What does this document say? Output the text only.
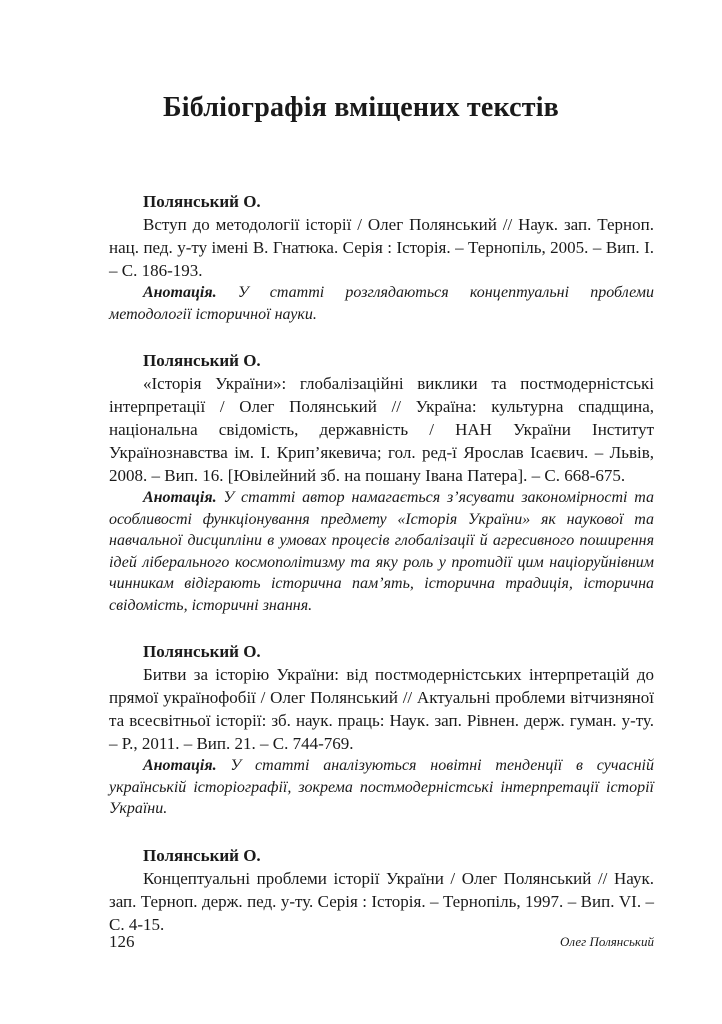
Бібліографія вміщених текстів
Полянський О.
Вступ до методології історії / Олег Полянський // Наук. зап. Терноп. нац. пед. у-ту імені В. Гнатюка. Серія : Історія. ‒ Тернопіль, 2005. ‒ Вип. I. ‒ С. 186-193.
Анотація. У статті розглядаються концептуальні проблеми методології історичної науки.
Полянський О.
«Історія України»: глобалізаційні виклики та постмодерністські інтерпретації / Олег Полянський // Україна: культурна спадщина, національна свідомість, державність / НАН України Інститут Українознавства ім. І. Крип’якевича; гол. ред-ї Ярослав Ісаєвич. ‒ Львів, 2008. ‒ Вип. 16. [Ювілейний зб. на пошану Івана Патера]. ‒ С. 668-675.
Анотація. У статті автор намагається з’ясувати закономірності та особливості функціонування предмету «Історія України» як наукової та навчальної дисципліни в умовах процесів глобалізації й агресивного поширення ідей ліберального космополітизму та яку роль у протидії цим націоруйнівним чинникам відіграють історична пам’ять, історична традиція, історична свідомість, історичні знання.
Полянський О.
Битви за історію України: від постмодерністських інтерпретацій до прямої українофобії / Олег Полянський // Актуальні проблеми вітчизняної та всесвітньої історії: зб. наук. праць: Наук. зап. Рівнен. держ. гуман. у-ту. ‒ Р., 2011. ‒ Вип. 21. ‒ С. 744-769.
Анотація. У статті аналізуються новітні тенденції в сучасній українській історіографії, зокрема постмодерністські інтерпретації історії України.
Полянський О.
Концептуальні проблеми історії України / Олег Полянський // Наук. зап. Терноп. держ. пед. у-ту. Серія : Історія. ‒ Тернопіль, 1997. ‒ Вип. VI. ‒ С. 4-15.
126	Олег Полянський
